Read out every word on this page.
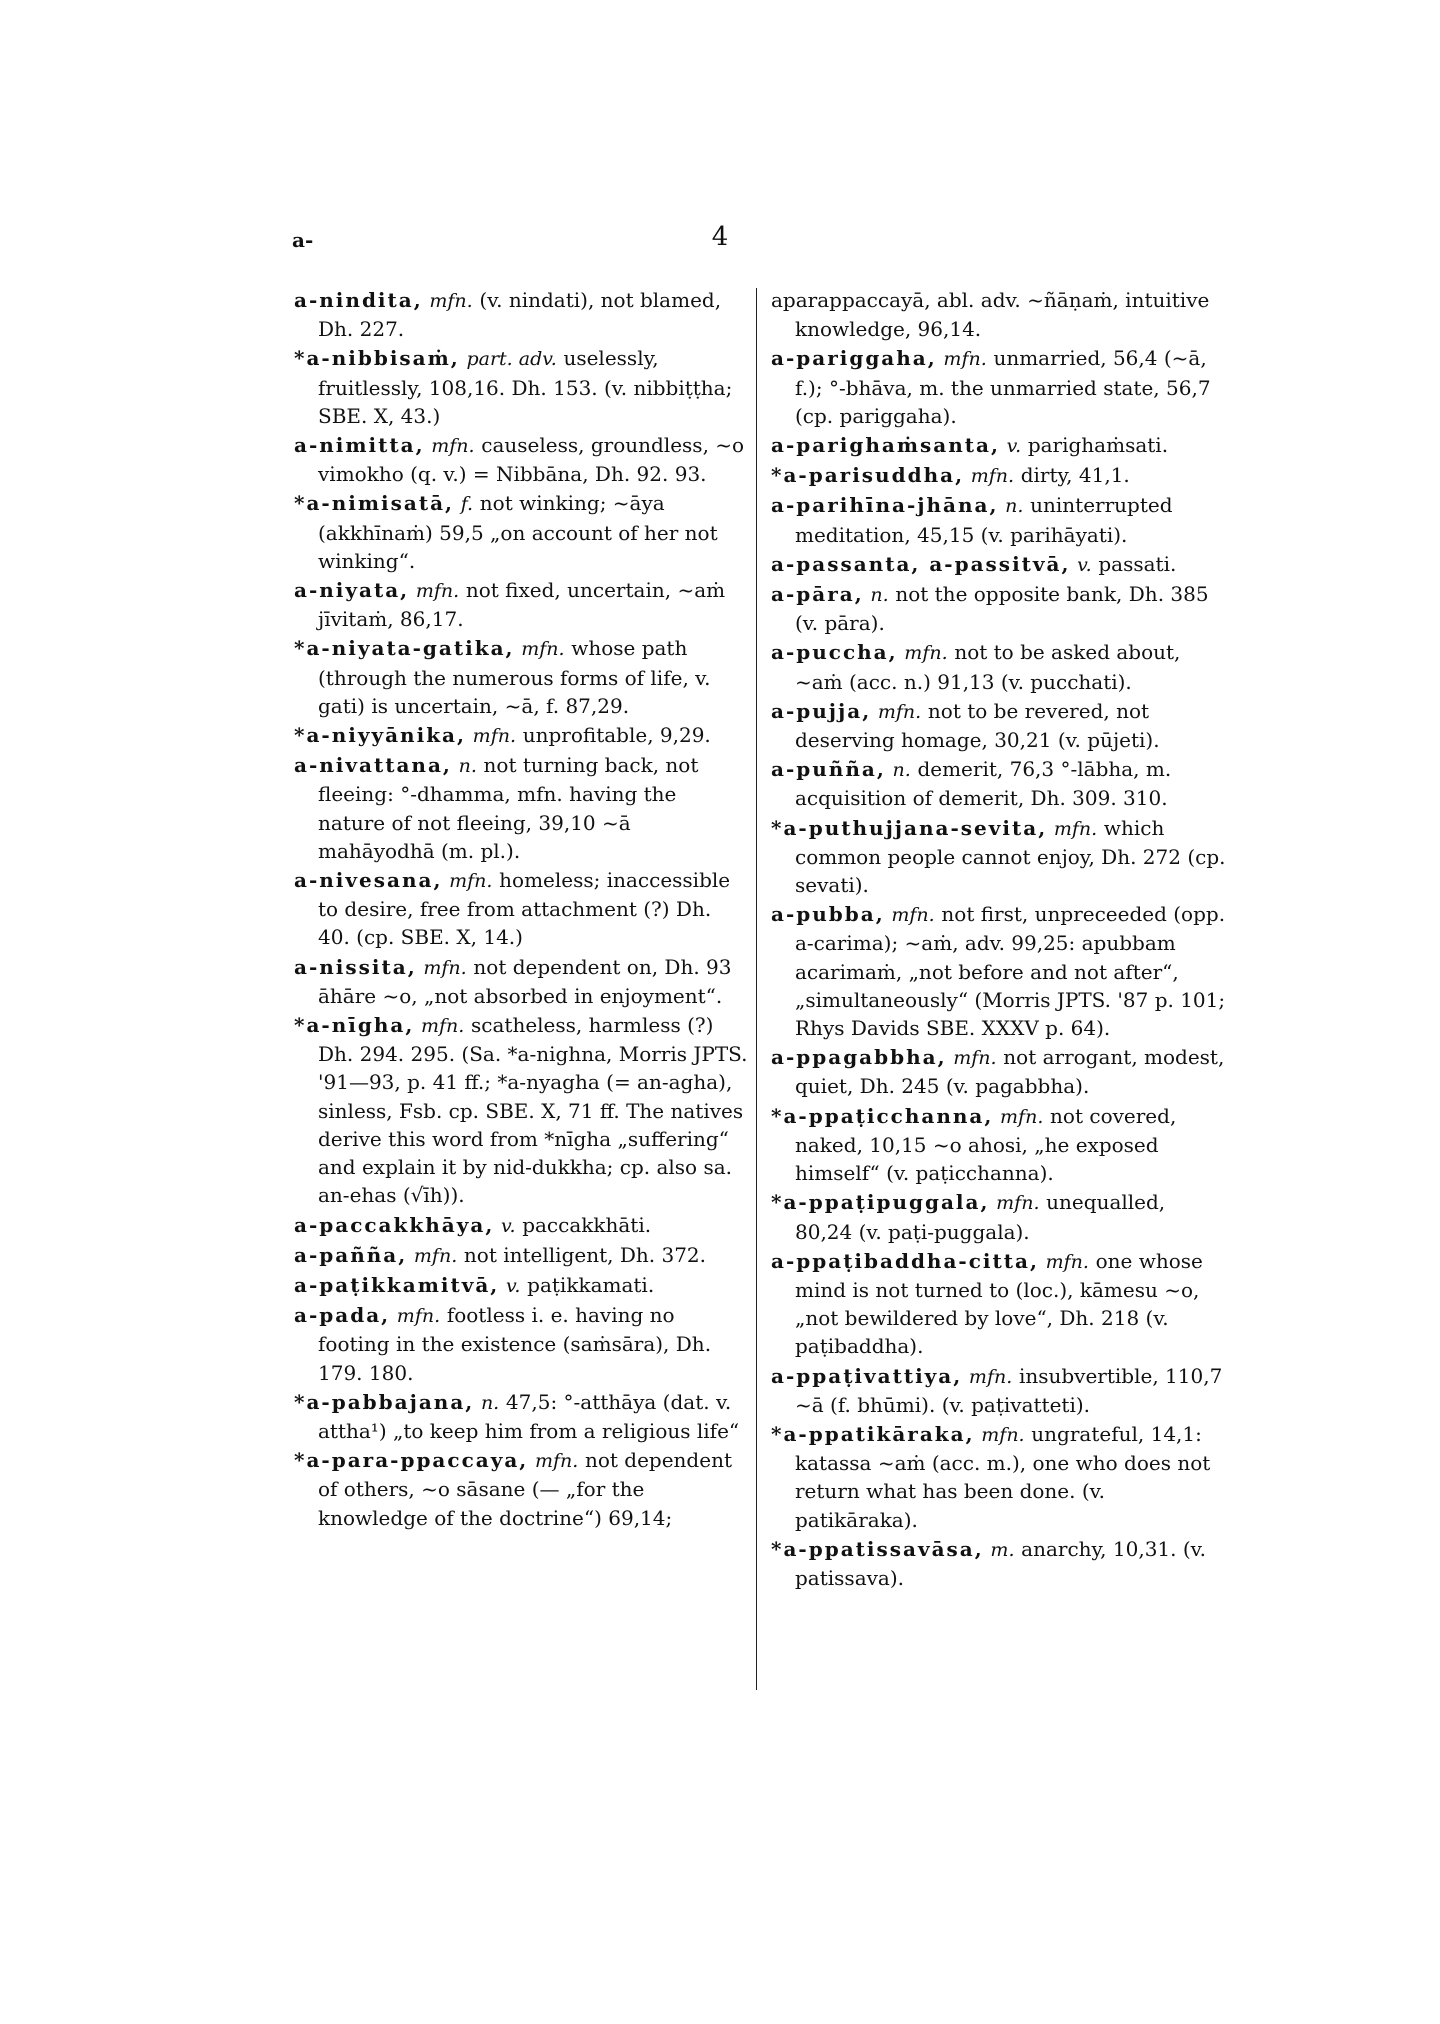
a-	4

a-nindita, mfn. (v. nindati), not blamed, Dh. 227.

*a-nibbisaṁ, part. adv. uselessly, fruitlessly, 108,16. Dh. 153. (v. nibbiṭṭha; SBE. X, 43.)

a-nimitta, mfn. causeless, groundless, ~o vimokho (q. v.) = Nibbāna, Dh. 92. 93.

*a-nimisatā, f. not winking; ~āya (akkhīnaṁ) 59,5 „on account of her not winking“.

a-niyata, mfn. not fixed, uncertain, ~aṁ jīvitaṁ, 86,17.

*a-niyata-gatika, mfn. whose path (through the numerous forms of life, v. gati) is uncertain, ~ā, f. 87,29.

*a-niyyānika, mfn. unprofitable, 9,29.

a-nivattana, n. not turning back, not fleeing: °-dhamma, mfn. having the nature of not fleeing, 39,10 ~ā mahāyodhā (m. pl.).

a-nivesana, mfn. homeless; inaccessible to desire, free from attachment (?) Dh. 40. (cp. SBE. X, 14.)

a-nissita, mfn. not dependent on, Dh. 93 āhāre ~o, „not absorbed in enjoyment“.

*a-nīgha, mfn. scatheless, harmless (?) Dh. 294. 295. (Sa. *a-nighna, Morris JPTS. '91—93, p. 41 ff.; *a-nyagha (= an-agha), sinless, Fsb. cp. SBE. X, 71 ff. The natives derive this word from *nīgha „suffering“ and explain it by nid-dukkha; cp. also sa. an-ehas (√īh)).

a-paccakkhāya, v. paccakkhāti.

a-pañña, mfn. not intelligent, Dh. 372.

a-paṭikkamitvā, v. paṭikkamati.

a-pada, mfn. footless i. e. having no footing in the existence (saṁsāra), Dh. 179. 180.

*a-pabbajana, n. 47,5: °-atthāya (dat. v. attha¹) „to keep him from a religious life“

*a-para-ppaccaya, mfn. not dependent of others, ~o sāsane (— „for the knowledge of the doctrine“) 69,14;

aparappaccayā, abl. adv. ~ñāṇaṁ, intuitive knowledge, 96,14.

a-pariggaha, mfn. unmarried, 56,4 (~ā, f.); °-bhāva, m. the unmarried state, 56,7 (cp. pariggaha).

a-parighaṁsanta, v. parighaṁsati.

*a-parisuddha, mfn. dirty, 41,1.

a-parihīna-jhāna, n. uninterrupted meditation, 45,15 (v. parihāyati).

a-passanta, a-passitvā, v. passati.

a-pāra, n. not the opposite bank, Dh. 385 (v. pāra).

a-puccha, mfn. not to be asked about, ~aṁ (acc. n.) 91,13 (v. pucchati).

a-pujja, mfn. not to be revered, not deserving homage, 30,21 (v. pūjeti).

a-puñña, n. demerit, 76,3 °-lābha, m. acquisition of demerit, Dh. 309. 310.

*a-puthujjana-sevita, mfn. which common people cannot enjoy, Dh. 272 (cp. sevati).

a-pubba, mfn. not first, unpreceeded (opp. a-carima); ~aṁ, adv. 99,25: apubbam acarimaṁ, „not before and not after“, „simultaneously“ (Morris JPTS. '87 p. 101; Rhys Davids SBE. XXXV p. 64).

a-ppagabbha, mfn. not arrogant, modest, quiet, Dh. 245 (v. pagabbha).

*a-ppaṭicchanna, mfn. not covered, naked, 10,15 ~o ahosi, „he exposed himself“ (v. paṭicchanna).

*a-ppaṭipuggala, mfn. unequalled, 80,24 (v. paṭi-puggala).

a-ppaṭibaddha-citta, mfn. one whose mind is not turned to (loc.), kāmesu ~o, „not bewildered by love“, Dh. 218 (v. paṭibaddha).

a-ppaṭivattiya, mfn. insubvertible, 110,7 ~ā (f. bhūmi). (v. paṭivatteti).

*a-ppatikāraka, mfn. ungrateful, 14,1: katassa ~aṁ (acc. m.), one who does not return what has been done. (v. patikāraka).

*a-ppatissavāsa, m. anarchy, 10,31. (v. patissava).
